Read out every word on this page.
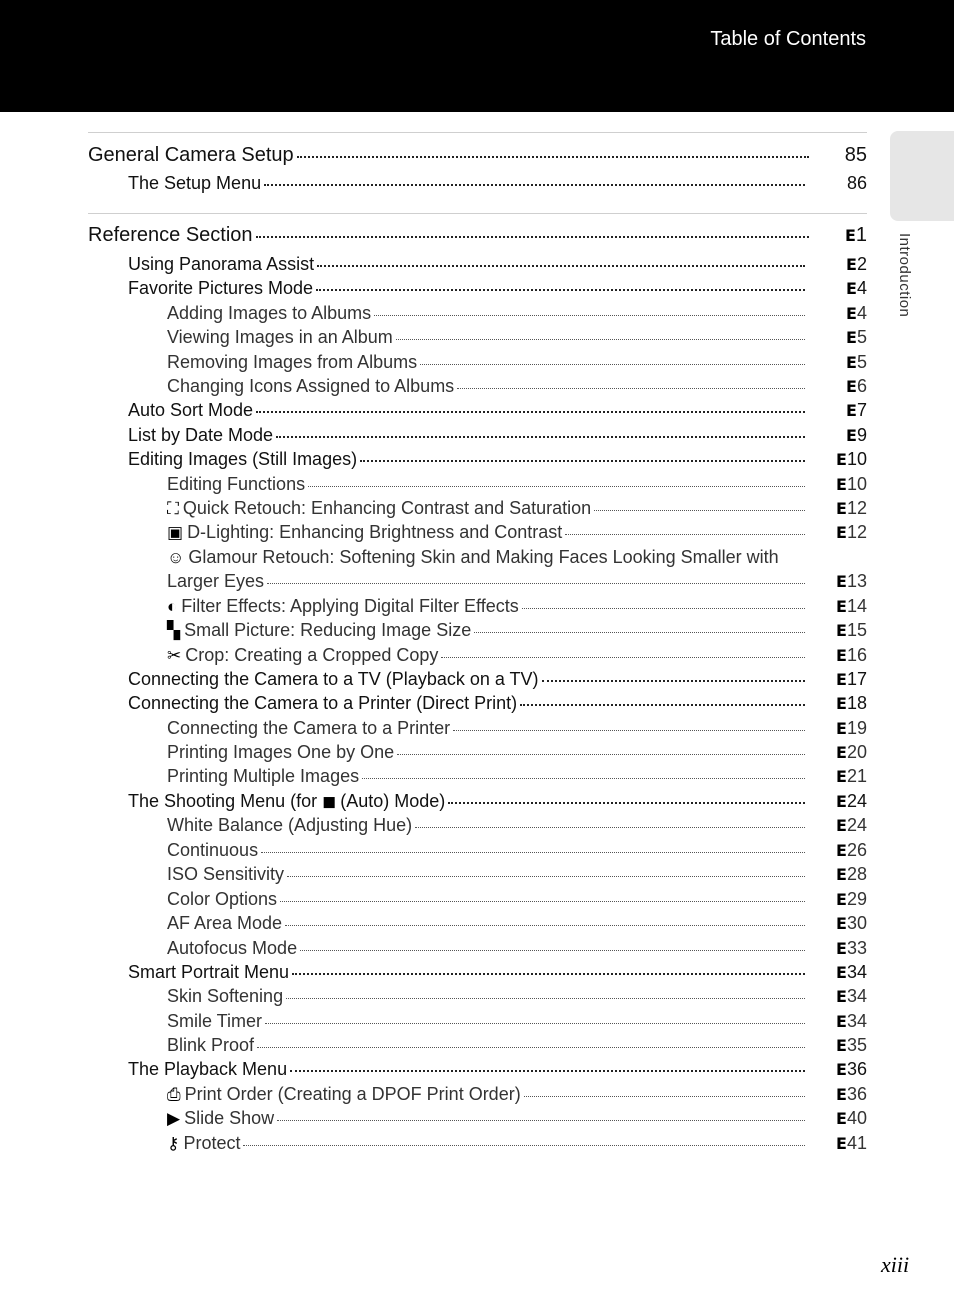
Table of Contents
Introduction
General Camera Setup	85
The Setup Menu	86
Reference Section	E1
Using Panorama Assist	E2
Favorite Pictures Mode	E4
Adding Images to Albums	E4
Viewing Images in an Album	E5
Removing Images from Albums	E5
Changing Icons Assigned to Albums	E6
Auto Sort Mode	E7
List by Date Mode	E9
Editing Images (Still Images)	E10
Editing Functions	E10
⛶ Quick Retouch: Enhancing Contrast and Saturation	E12
▣ D-Lighting: Enhancing Brightness and Contrast	E12
☺ Glamour Retouch: Softening Skin and Making Faces Looking Smaller with
Larger Eyes	E13
◐ Filter Effects: Applying Digital Filter Effects	E14
▚ Small Picture: Reducing Image Size	E15
✂ Crop: Creating a Cropped Copy	E16
Connecting the Camera to a TV (Playback on a TV)	E17
Connecting the Camera to a Printer (Direct Print)	E18
Connecting the Camera to a Printer	E19
Printing Images One by One	E20
Printing Multiple Images	E21
The Shooting Menu (for ◼ (Auto) Mode)	E24
White Balance (Adjusting Hue)	E24
Continuous	E26
ISO Sensitivity	E28
Color Options	E29
AF Area Mode	E30
Autofocus Mode	E33
Smart Portrait Menu	E34
Skin Softening	E34
Smile Timer	E34
Blink Proof	E35
The Playback Menu	E36
⎙ Print Order (Creating a DPOF Print Order)	E36
▶ Slide Show	E40
⚷ Protect	E41
xiii
